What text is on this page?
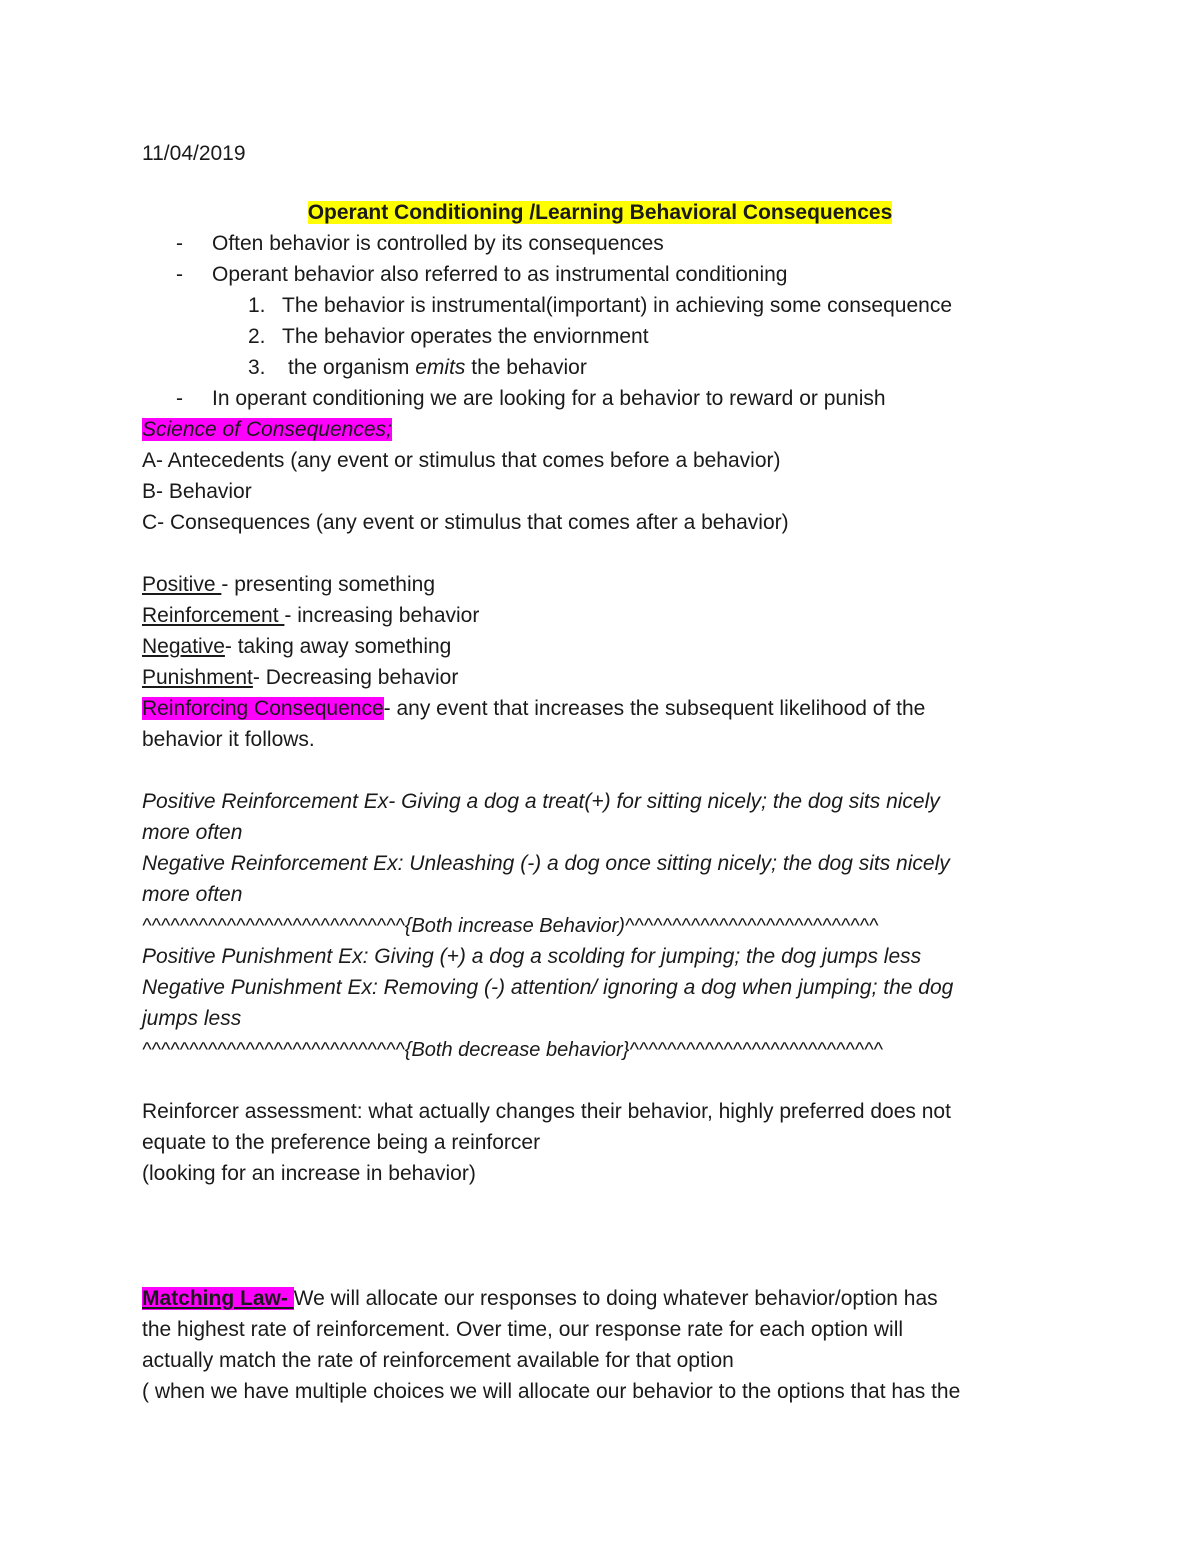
11/04/2019
Operant Conditioning /Learning Behavioral Consequences
- Often behavior is controlled by its consequences
- Operant behavior also referred to as instrumental conditioning
1. The behavior is instrumental(important) in achieving some consequence
2. The behavior operates the enviornment
3. the organism emits the behavior
- In operant conditioning we are looking for a behavior to reward or punish
Science of Consequences;
A- Antecedents (any event or stimulus that comes before a behavior)
B- Behavior
C- Consequences (any event or stimulus that comes after a behavior)
Positive - presenting something
Reinforcement - increasing behavior
Negative- taking away something
Punishment- Decreasing behavior
Reinforcing Consequence- any event that increases the subsequent likelihood of the
behavior it follows.
Positive Reinforcement Ex- Giving a dog a treat(+) for sitting nicely; the dog sits nicely
more often
Negative Reinforcement Ex: Unleashing (-) a dog once sitting nicely; the dog sits nicely
more often
^^^^^^^^^^^^^^^^^^^^^^^^^^^^{Both increase Behavior)^^^^^^^^^^^^^^^^^^^^^^^^^^^
Positive Punishment Ex: Giving (+) a dog a scolding for jumping; the dog jumps less
Negative Punishment Ex: Removing (-) attention/ ignoring a dog when jumping; the dog
jumps less
^^^^^^^^^^^^^^^^^^^^^^^^^^^^{Both decrease behavior}^^^^^^^^^^^^^^^^^^^^^^^^^^^
Reinforcer assessment: what actually changes their behavior, highly preferred does not
equate to the preference being a reinforcer
(looking for an increase in behavior)
Matching Law- We will allocate our responses to doing whatever behavior/option has
the highest rate of reinforcement. Over time, our response rate for each option will
actually match the rate of reinforcement available for that option
( when we have multiple choices we will allocate our behavior to the options that has the
